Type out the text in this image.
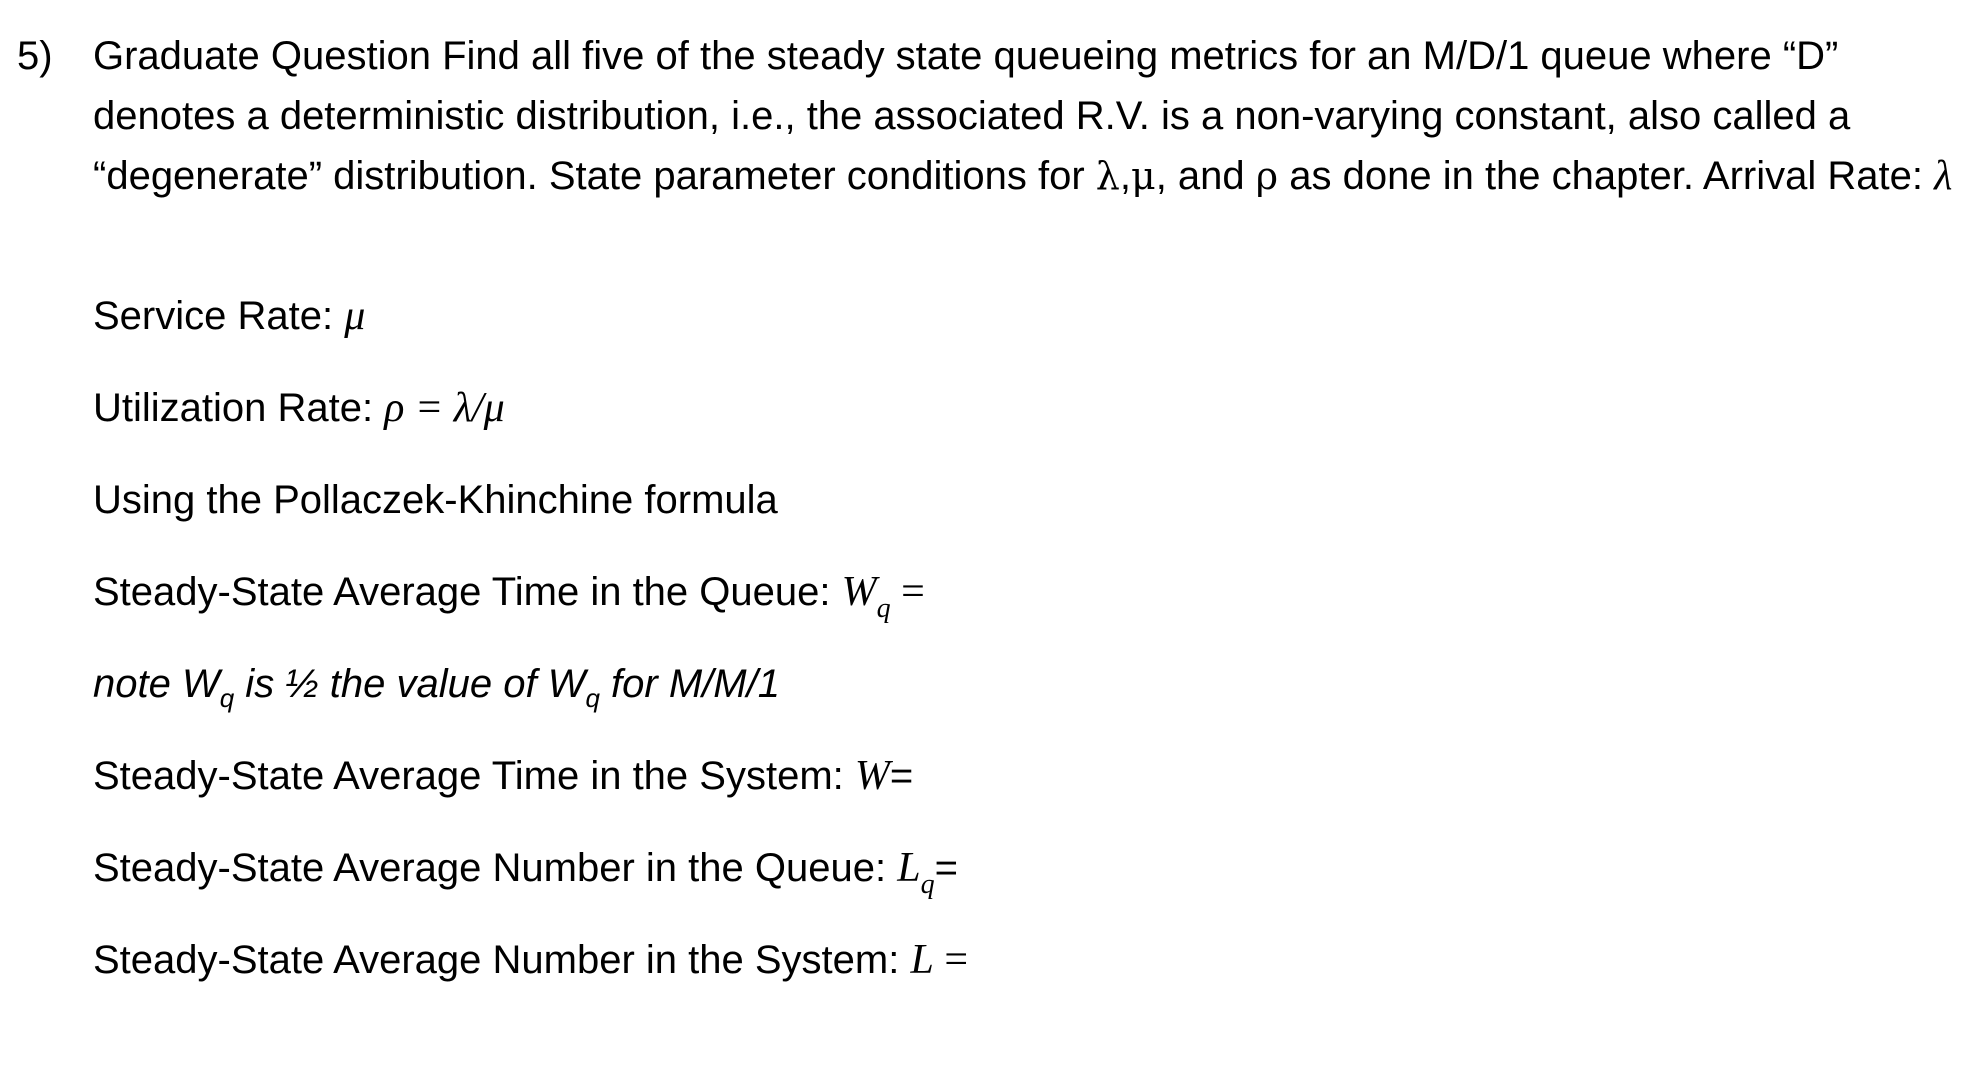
5) Graduate Question Find all five of the steady state queueing metrics for an M/D/1 queue where “D” denotes a deterministic distribution, i.e., the associated R.V. is a non-varying constant, also called a “degenerate” distribution. State parameter conditions for λ,μ, and ρ as done in the chapter. Arrival Rate: λ
Service Rate: μ
Utilization Rate: ρ = λ/μ
Using the Pollaczek-Khinchine formula
Steady-State Average Time in the Queue: $W_q$ =
note $W_q$ is ½ the value of $W_q$ for M/M/1
Steady-State Average Time in the System: W=
Steady-State Average Number in the Queue: $L_q=$
Steady-State Average Number in the System: L =
